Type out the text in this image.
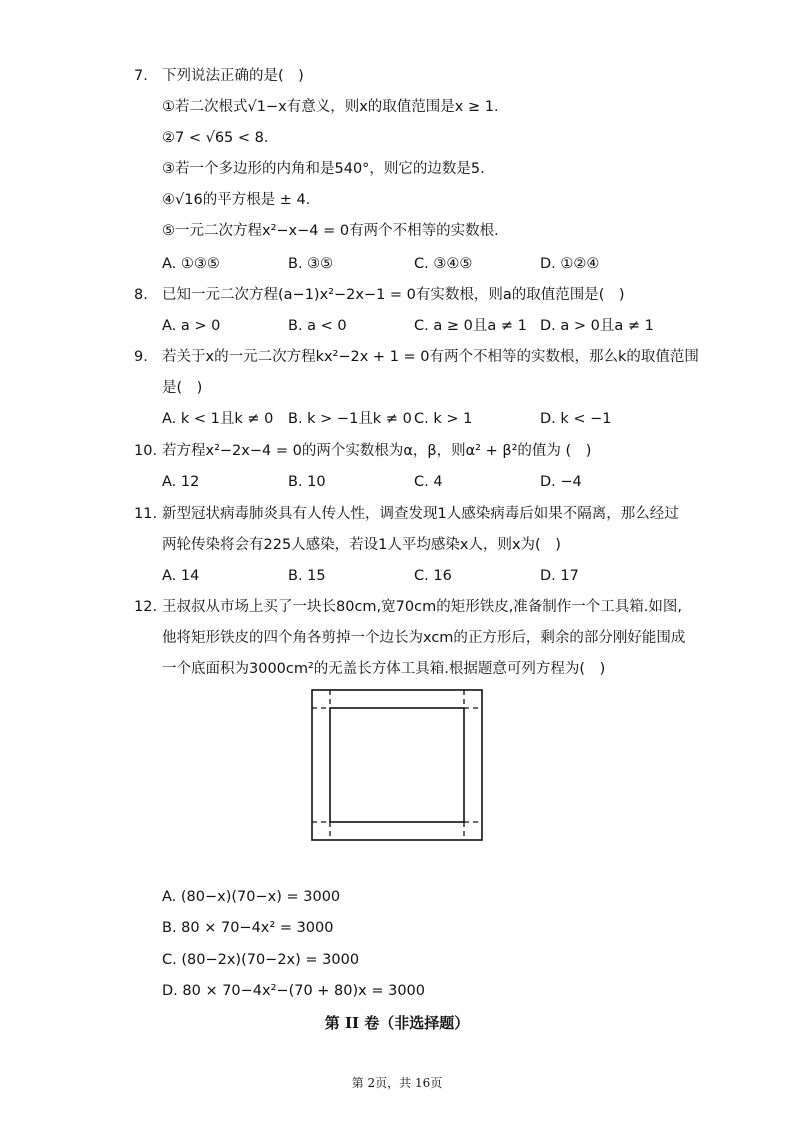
7. 下列说法正确的是(　)
①若二次根式√1−x有意义，则x的取值范围是x ≥ 1．
②7 < √65 < 8．
③若一个多边形的内角和是540°，则它的边数是5．
④√16的平方根是 ± 4．
⑤一元二次方程x²−x−4 = 0有两个不相等的实数根．
A. ①③⑤	B. ③⑤	C. ③④⑤	D. ①②④
8. 已知一元二次方程(a−1)x²−2x−1 = 0有实数根，则a的取值范围是(　)
A. a > 0	B. a < 0	C. a ≥ 0且a ≠ 1 D. a > 0且a ≠ 1
9. 若关于x的一元二次方程kx²−2x + 1 = 0有两个不相等的实数根，那么k的取值范围
是(　)
A. k < 1且k ≠ 0 B. k > −1且k ≠ 0 C. k > 1	D. k < −1
10. 若方程x²−2x−4 = 0的两个实数根为α，β，则α² + β²的值为 (　)
A. 12	B. 10	C. 4	D. −4
11. 新型冠状病毒肺炎具有人传人性，调查发现1人感染病毒后如果不隔离，那么经过
两轮传染将会有225人感染，若设1人平均感染x人，则x为(　)
A. 14	B. 15	C. 16	D. 17
12. 王叔叔从市场上买了一块长80cm,宽70cm的矩形铁皮,准备制作一个工具箱.如图,
他将矩形铁皮的四个角各剪掉一个边长为xcm的正方形后，剩余的部分刚好能围成
一个底面积为3000cm²的无盖长方体工具箱.根据题意可列方程为(　)
A. (80−x)(70−x) = 3000
B. 80 × 70−4x² = 3000
C. (80−2x)(70−2x) = 3000
D. 80 × 70−4x²−(70 + 80)x = 3000
第 II 卷（非选择题）
第 2页，共 16页
